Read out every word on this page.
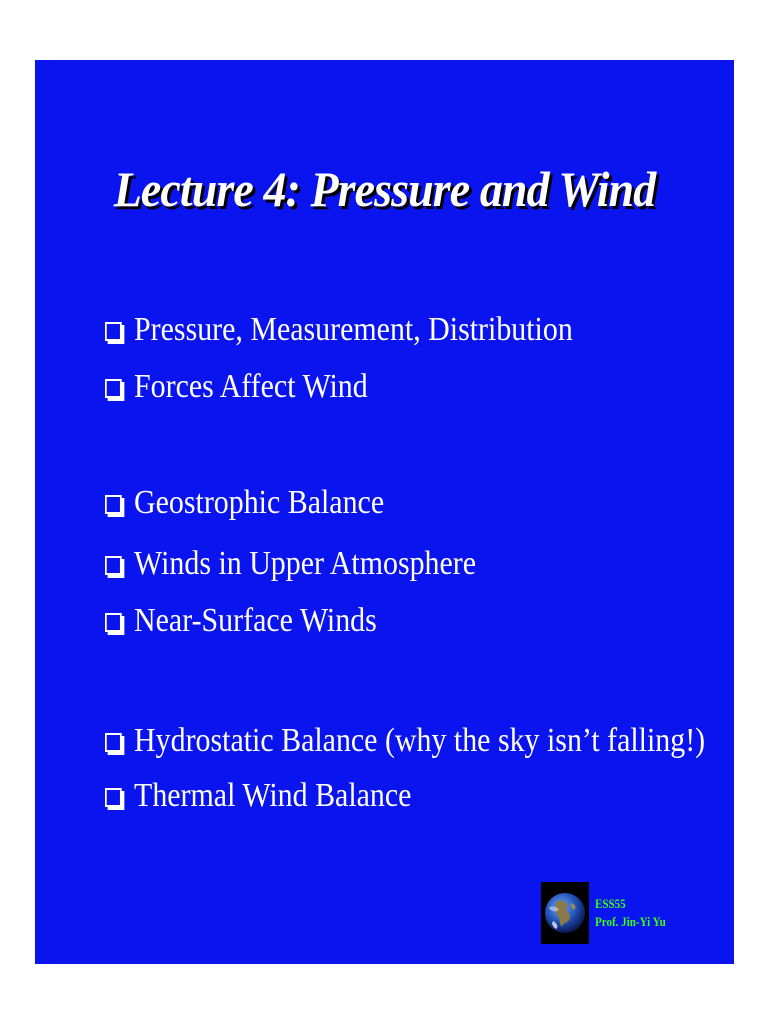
Lecture 4: Pressure and Wind
Pressure, Measurement, Distribution
Forces Affect Wind
Geostrophic Balance
Winds in Upper Atmosphere
Near-Surface Winds
Hydrostatic Balance (why the sky isn’t falling!)
Thermal Wind Balance
ESS55
Prof. Jin-Yi Yu
